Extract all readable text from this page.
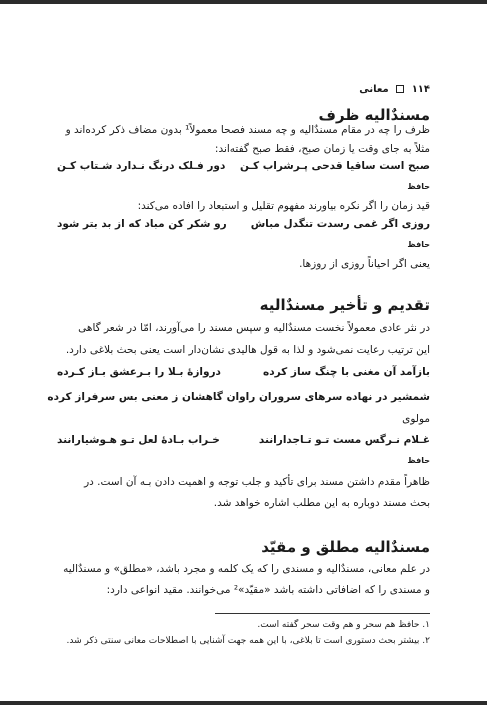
۱۱۴  معانی
مسندٌالیه ظرف
ظرف را چه در مقام مسندٌالیه و چه مسند فصحا معمولاً¹ بدون مضاف ذکر کرده‌اند و
مثلاً به جای وقت یا زمان صبح، فقط صبح گفته‌اند:
صبح است ساقیا قدحی پـرشراب کـن
دور فـلک درنگ نـدارد شـتاب کـن
حافظ
قید زمان را اگر نکره بیاورند مفهوم تقلیل و استبعاد را افاده می‌کند:
روزی اگر غمی رسدت تنگدل مباش
رو شکر کن مباد که از بد بتر شود
حافظ
یعنی اگر احیاناً روزی از روزها.
تقدیم و تأخیر مسندٌالیه
در نثر عادی معمولاً نخست مسندٌالیه و سپس مسند را می‌آورند، امّا در شعر گاهی
این ترتیب رعایت نمی‌شود و لذا به قول هالیدی نشان‌دار است یعنی بحث بلاغی دارد.
بازآمد آن مغنی با چنگ ساز کرده
دروازهٔ بـلا را بـرعشق بـاز کـرده
شمشیر در نهاده سرهای سروران را
وان گاهشان ز معنی بس سرفراز کرده
مولوی
غـلام نـرگس مست تـو تـاجدارانند
خـراب بـادهٔ لعل تـو هـوشیارانند
حافظ
ظاهراً مقدم داشتن مسند برای تأکید و جلب توجه و اهمیت دادن بـه آن است. در
بحث مسند دوباره به این مطلب اشاره خواهد شد.
مسندٌالیه مطلق و مقیّد
در علم معانی، مسندٌالیه و مسندی را که یک کلمه و مجرد باشد، «مطلق» و مسندٌالیه
و مسندی را که اضافاتی داشته باشد «مقیّد»² می‌خوانند. مقید انواعی دارد:
۱. حافظ هم سحر و هم وقت سحر گفته است.
۲. بیشتر بحث دستوری است تا بلاغی، با این همه جهت آشنایی با اصطلاحات معانی سنتی ذکر شد.
